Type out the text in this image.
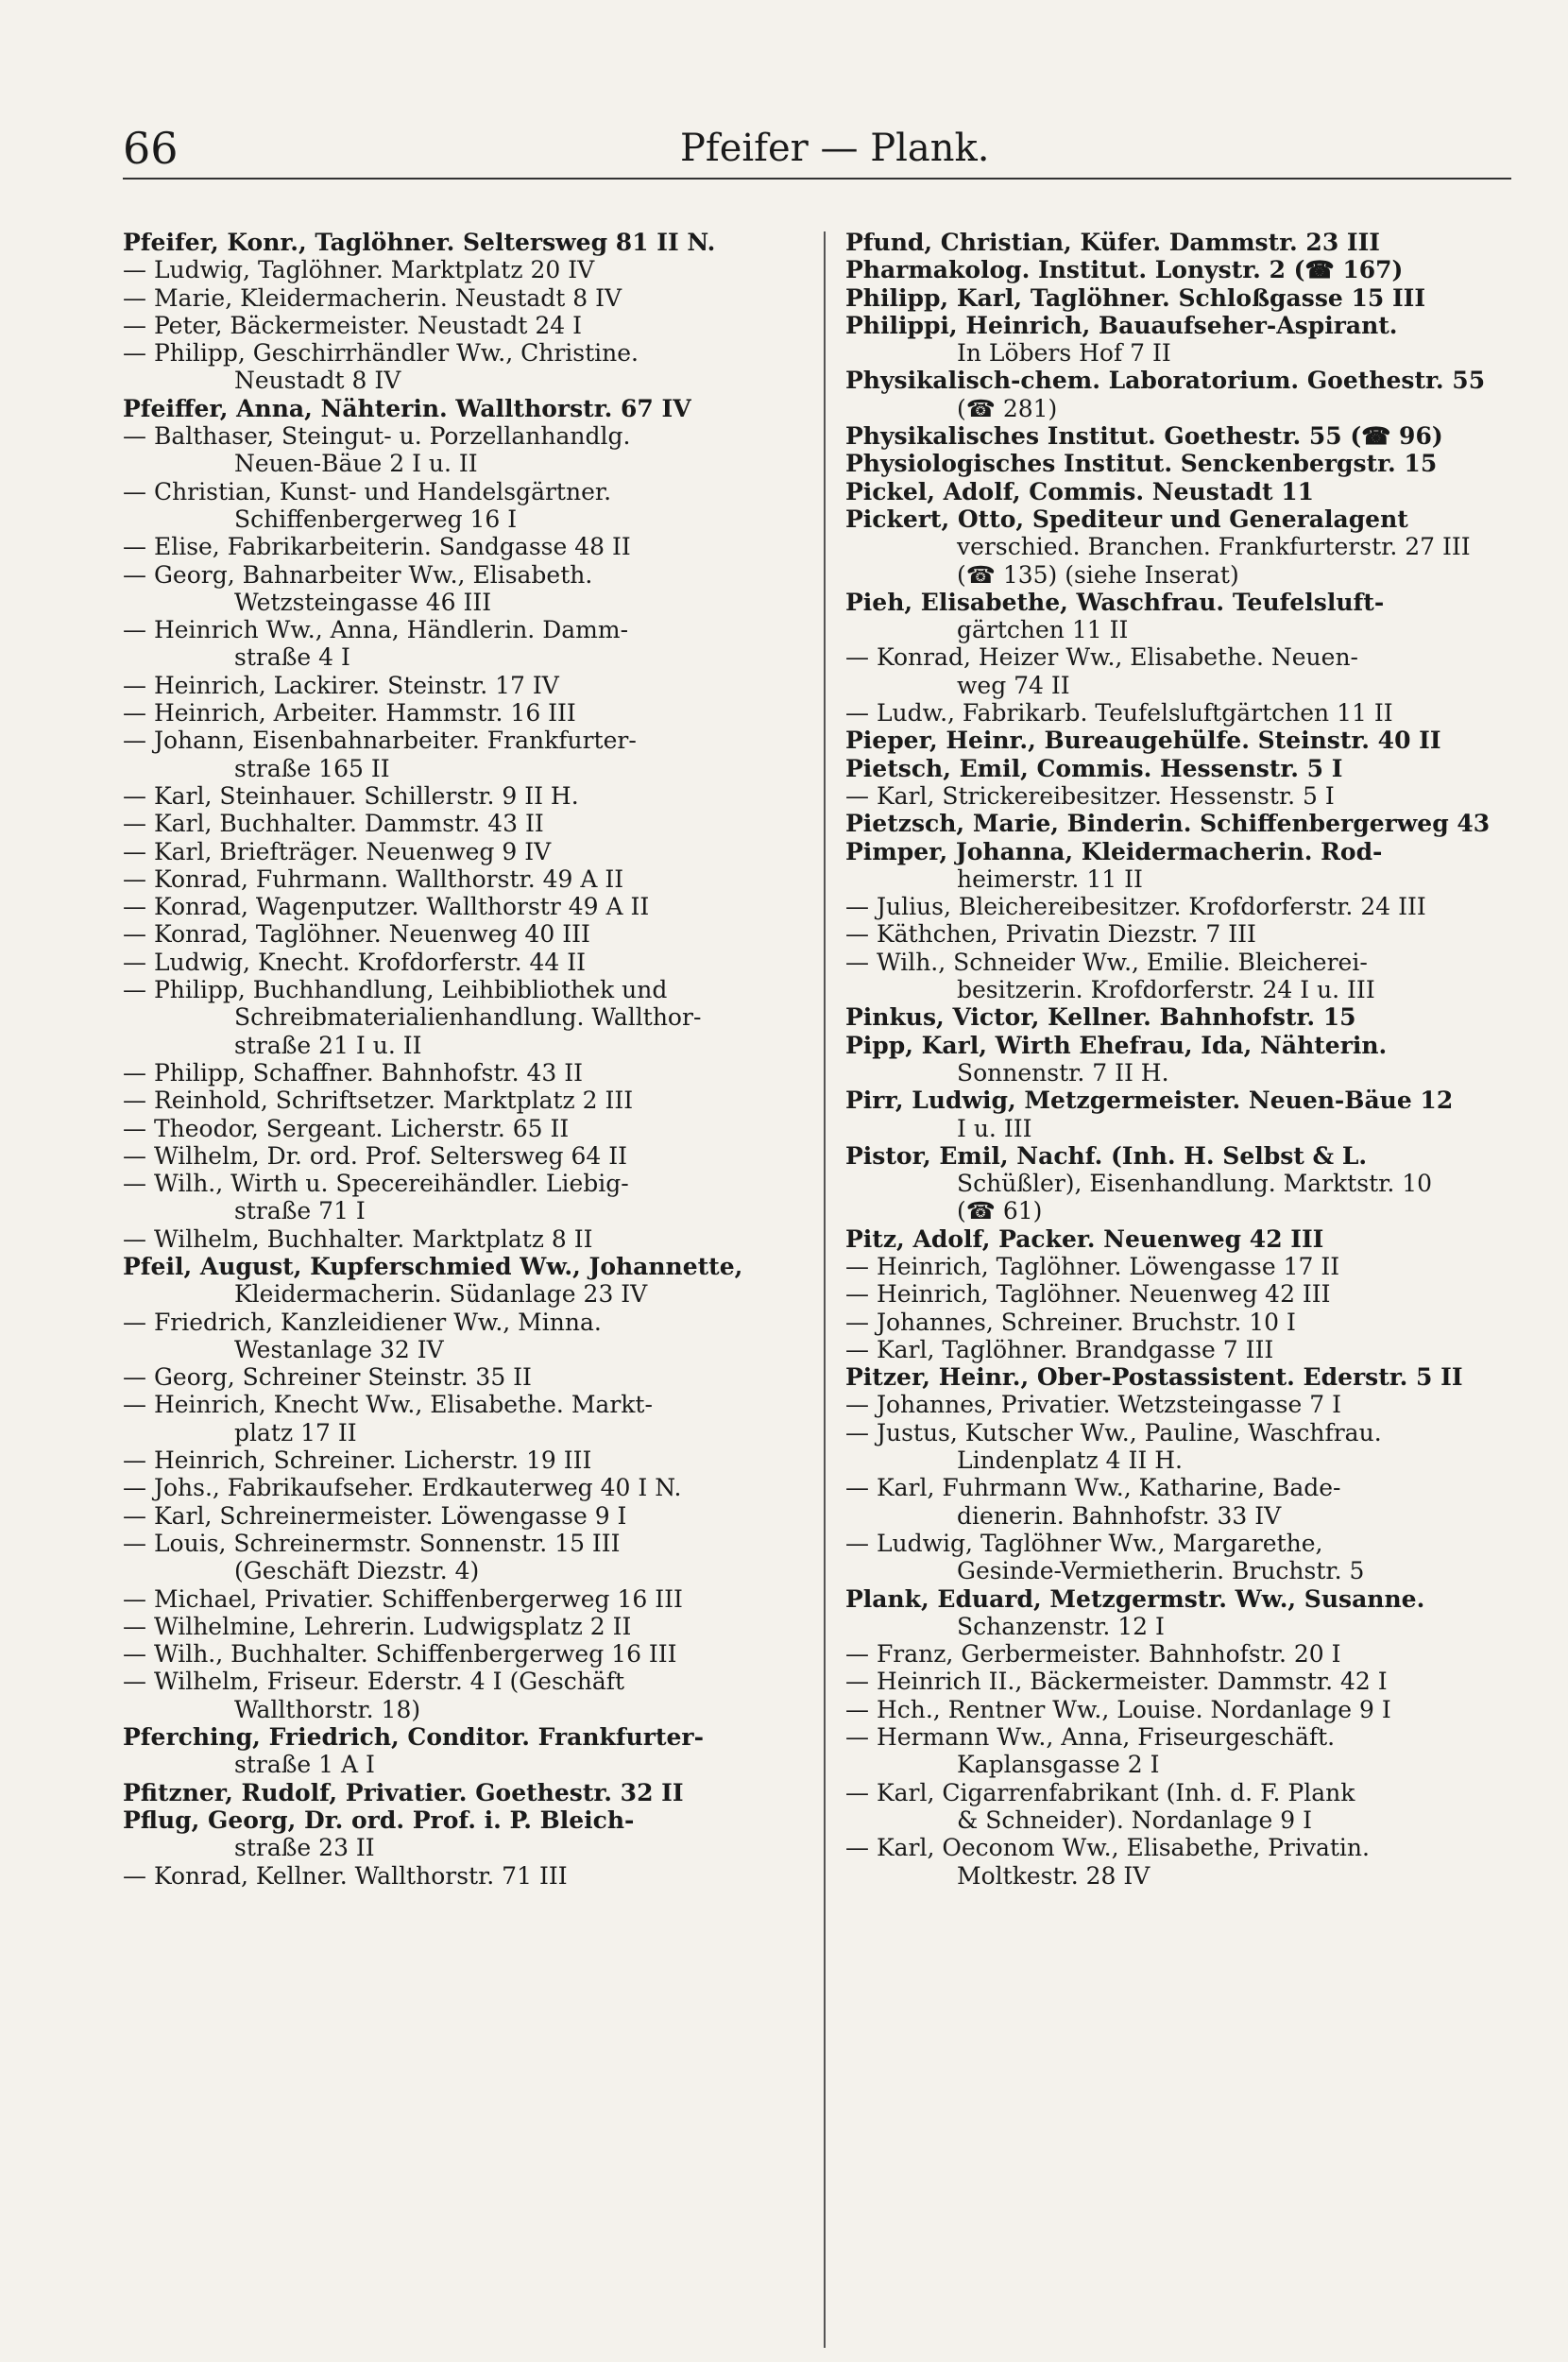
66	Pfeifer — Plank.
Pfeifer, Konr., Taglöhner. Seltersweg 81 II N.
— Ludwig, Taglöhner. Marktplatz 20 IV
— Marie, Kleidermacherin. Neustadt 8 IV
— Peter, Bäckermeister. Neustadt 24 I
— Philipp, Geschirrhändler Ww., Christine.
Neustadt 8 IV
Pfeiffer, Anna, Nähterin. Wallthorstr. 67 IV
— Balthaser, Steingut- u. Porzellanhandlg.
Neuen-Bäue 2 I u. II
— Christian, Kunst- und Handelsgärtner.
Schiffenbergerweg 16 I
— Elise, Fabrikarbeiterin. Sandgasse 48 II
— Georg, Bahnarbeiter Ww., Elisabeth.
Wetzsteingasse 46 III
— Heinrich Ww., Anna, Händlerin. Damm-
straße 4 I
— Heinrich, Lackirer. Steinstr. 17 IV
— Heinrich, Arbeiter. Hammstr. 16 III
— Johann, Eisenbahnarbeiter. Frankfurter-
straße 165 II
— Karl, Steinhauer. Schillerstr. 9 II H.
— Karl, Buchhalter. Dammstr. 43 II
— Karl, Briefträger. Neuenweg 9 IV
— Konrad, Fuhrmann. Wallthorstr. 49 A II
— Konrad, Wagenputzer. Wallthorstr 49 A II
— Konrad, Taglöhner. Neuenweg 40 III
— Ludwig, Knecht. Krofdorferstr. 44 II
— Philipp, Buchhandlung, Leihbibliothek und
Schreibmaterialienhandlung. Wallthor-
straße 21 I u. II
— Philipp, Schaffner. Bahnhofstr. 43 II
— Reinhold, Schriftsetzer. Marktplatz 2 III
— Theodor, Sergeant. Licherstr. 65 II
— Wilhelm, Dr. ord. Prof. Seltersweg 64 II
— Wilh., Wirth u. Specereihändler. Liebig-
straße 71 I
— Wilhelm, Buchhalter. Marktplatz 8 II
Pfeil, August, Kupferschmied Ww., Johannette,
Kleidermacherin. Südanlage 23 IV
— Friedrich, Kanzleidiener Ww., Minna.
Westanlage 32 IV
— Georg, Schreiner Steinstr. 35 II
— Heinrich, Knecht Ww., Elisabethe. Markt-
platz 17 II
— Heinrich, Schreiner. Licherstr. 19 III
— Johs., Fabrikaufseher. Erdkauterweg 40 I N.
— Karl, Schreinermeister. Löwengasse 9 I
— Louis, Schreinermstr. Sonnenstr. 15 III
(Geschäft Diezstr. 4)
— Michael, Privatier. Schiffenbergerweg 16 III
— Wilhelmine, Lehrerin. Ludwigsplatz 2 II
— Wilh., Buchhalter. Schiffenbergerweg 16 III
— Wilhelm, Friseur. Ederstr. 4 I (Geschäft
Wallthorstr. 18)
Pferching, Friedrich, Conditor. Frankfurter-
straße 1 A I
Pfitzner, Rudolf, Privatier. Goethestr. 32 II
Pflug, Georg, Dr. ord. Prof. i. P. Bleich-
straße 23 II
— Konrad, Kellner. Wallthorstr. 71 III
Pfund, Christian, Küfer. Dammstr. 23 III
Pharmakolog. Institut. Lonystr. 2 (☎ 167)
Philipp, Karl, Taglöhner. Schloßgasse 15 III
Philippi, Heinrich, Bauaufseher-Aspirant.
In Löbers Hof 7 II
Physikalisch-chem. Laboratorium. Goethestr. 55
(☎ 281)
Physikalisches Institut. Goethestr. 55 (☎ 96)
Physiologisches Institut. Senckenbergstr. 15
Pickel, Adolf, Commis. Neustadt 11
Pickert, Otto, Spediteur und Generalagent
verschied. Branchen. Frankfurterstr. 27 III
(☎ 135) (siehe Inserat)
Pieh, Elisabethe, Waschfrau. Teufelsluft-
gärtchen 11 II
— Konrad, Heizer Ww., Elisabethe. Neuen-
weg 74 II
— Ludw., Fabrikarb. Teufelsluftgärtchen 11 II
Pieper, Heinr., Bureaugehülfe. Steinstr. 40 II
Pietsch, Emil, Commis. Hessenstr. 5 I
— Karl, Strickereibesitzer. Hessenstr. 5 I
Pietzsch, Marie, Binderin. Schiffenbergerweg 43
Pimper, Johanna, Kleidermacherin. Rod-
heimerstr. 11 II
— Julius, Bleichereibesitzer. Krofdorferstr. 24 III
— Käthchen, Privatin Diezstr. 7 III
— Wilh., Schneider Ww., Emilie. Bleicherei-
besitzerin. Krofdorferstr. 24 I u. III
Pinkus, Victor, Kellner. Bahnhofstr. 15
Pipp, Karl, Wirth Ehefrau, Ida, Nähterin.
Sonnenstr. 7 II H.
Pirr, Ludwig, Metzgermeister. Neuen-Bäue 12
I u. III
Pistor, Emil, Nachf. (Inh. H. Selbst & L.
Schüßler), Eisenhandlung. Marktstr. 10
(☎ 61)
Pitz, Adolf, Packer. Neuenweg 42 III
— Heinrich, Taglöhner. Löwengasse 17 II
— Heinrich, Taglöhner. Neuenweg 42 III
— Johannes, Schreiner. Bruchstr. 10 I
— Karl, Taglöhner. Brandgasse 7 III
Pitzer, Heinr., Ober-Postassistent. Ederstr. 5 II
— Johannes, Privatier. Wetzsteingasse 7 I
— Justus, Kutscher Ww., Pauline, Waschfrau.
Lindenplatz 4 II H.
— Karl, Fuhrmann Ww., Katharine, Bade-
dienerin. Bahnhofstr. 33 IV
— Ludwig, Taglöhner Ww., Margarethe,
Gesinde-Vermietherin. Bruchstr. 5
Plank, Eduard, Metzgermstr. Ww., Susanne.
Schanzenstr. 12 I
— Franz, Gerbermeister. Bahnhofstr. 20 I
— Heinrich II., Bäckermeister. Dammstr. 42 I
— Hch., Rentner Ww., Louise. Nordanlage 9 I
— Hermann Ww., Anna, Friseurgeschäft.
Kaplansgasse 2 I
— Karl, Cigarrenfabrikant (Inh. d. F. Plank
& Schneider). Nordanlage 9 I
— Karl, Oeconom Ww., Elisabethe, Privatin.
Moltkestr. 28 IV
